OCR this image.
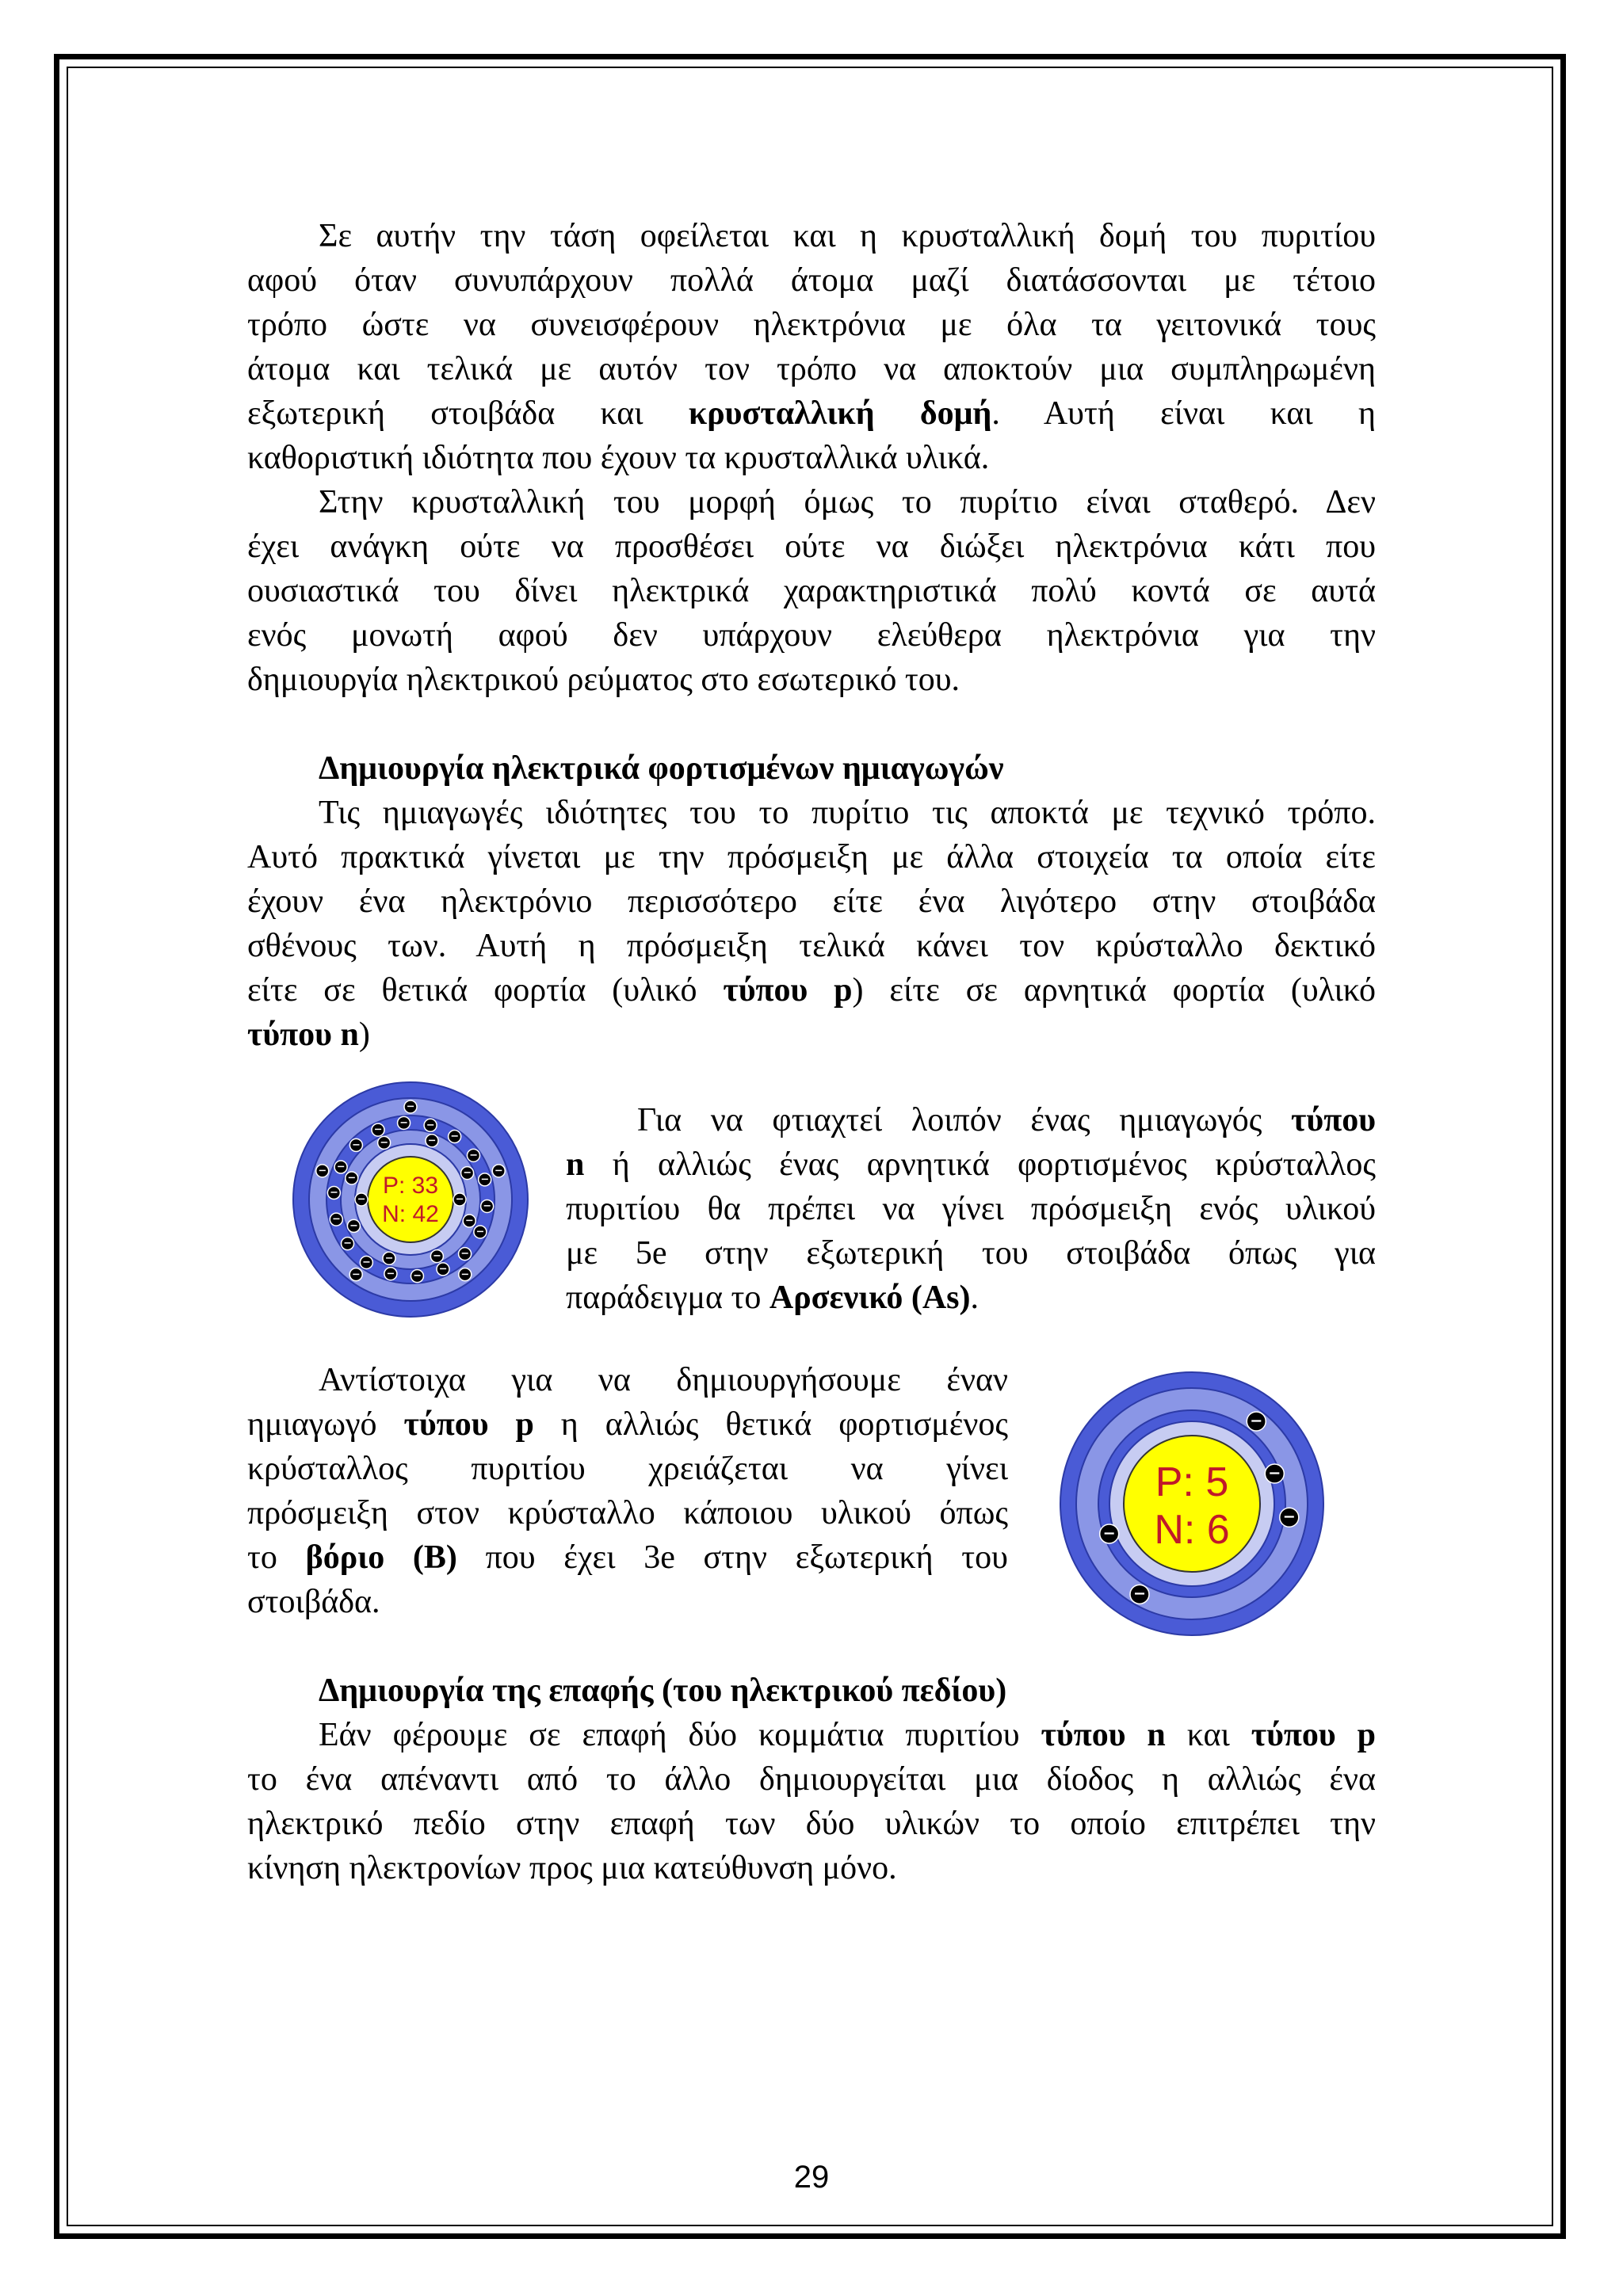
Σε αυτήν την τάση οφείλεται και η κρυσταλλική δομή του πυριτίου
αφού όταν συνυπάρχουν πολλά άτομα μαζί διατάσσονται με τέτοιο
τρόπο ώστε να συνεισφέρουν ηλεκτρόνια με όλα τα γειτονικά τους
άτομα και τελικά με αυτόν τον τρόπο να αποκτούν μια συμπληρωμένη
εξωτερική στοιβάδα και κρυσταλλική δομή. Αυτή είναι και η
καθοριστική ιδιότητα που έχουν τα κρυσταλλικά υλικά.
Στην κρυσταλλική του μορφή όμως το πυρίτιο είναι σταθερό. Δεν
έχει ανάγκη ούτε να προσθέσει ούτε να διώξει ηλεκτρόνια κάτι που
ουσιαστικά του δίνει ηλεκτρικά χαρακτηριστικά πολύ κοντά σε αυτά
ενός μονωτή αφού δεν υπάρχουν ελεύθερα ηλεκτρόνια για την
δημιουργία ηλεκτρικού ρεύματος στο εσωτερικό του.
Δημιουργία ηλεκτρικά φορτισμένων ημιαγωγών
Τις ημιαγωγές ιδιότητες του το πυρίτιο τις αποκτά με τεχνικό τρόπο.
Αυτό πρακτικά γίνεται με την πρόσμειξη με άλλα στοιχεία τα οποία είτε
έχουν ένα ηλεκτρόνιο περισσότερο είτε ένα λιγότερο στην στοιβάδα
σθένους των. Αυτή η πρόσμειξη τελικά κάνει τον κρύσταλλο δεκτικό
είτε σε θετικά φορτία (υλικό τύπου p) είτε σε αρνητικά φορτία (υλικό
τύπου n)
P: 33
N: 42
−
−
−
−
−
−
−
−	−
−
−
−
−
−
−
−
−
−
−
−
−
−
−
− −
−
−
−
−
−
−
−
−
Για να φτιαχτεί λοιπόν ένας ημιαγωγός τύπου
n ή αλλιώς ένας αρνητικά φορτισμένος κρύσταλλος
πυριτίου θα πρέπει να γίνει πρόσμειξη ενός υλικού
με 5e στην εξωτερική του στοιβάδα όπως για
παράδειγμα το Αρσενικό (As).
Αντίστοιχα για να δημιουργήσουμε έναν
ημιαγωγό τύπου p η αλλιώς θετικά φορτισμένος
κρύσταλλος πυριτίου χρειάζεται να γίνει
πρόσμειξη στον κρύσταλλο κάποιου υλικού όπως
το βόριο (B) που έχει 3e στην εξωτερική του
στοιβάδα.
P: 5
N: 6
−
−
−
−
−
Δημιουργία της επαφής (του ηλεκτρικού πεδίου)
Εάν φέρουμε σε επαφή δύο κομμάτια πυριτίου τύπου n και τύπου p
το ένα απέναντι από το άλλο δημιουργείται μια δίοδος η αλλιώς ένα
ηλεκτρικό πεδίο στην επαφή των δύο υλικών το οποίο επιτρέπει την
κίνηση ηλεκτρονίων προς μια κατεύθυνση μόνο.
29
